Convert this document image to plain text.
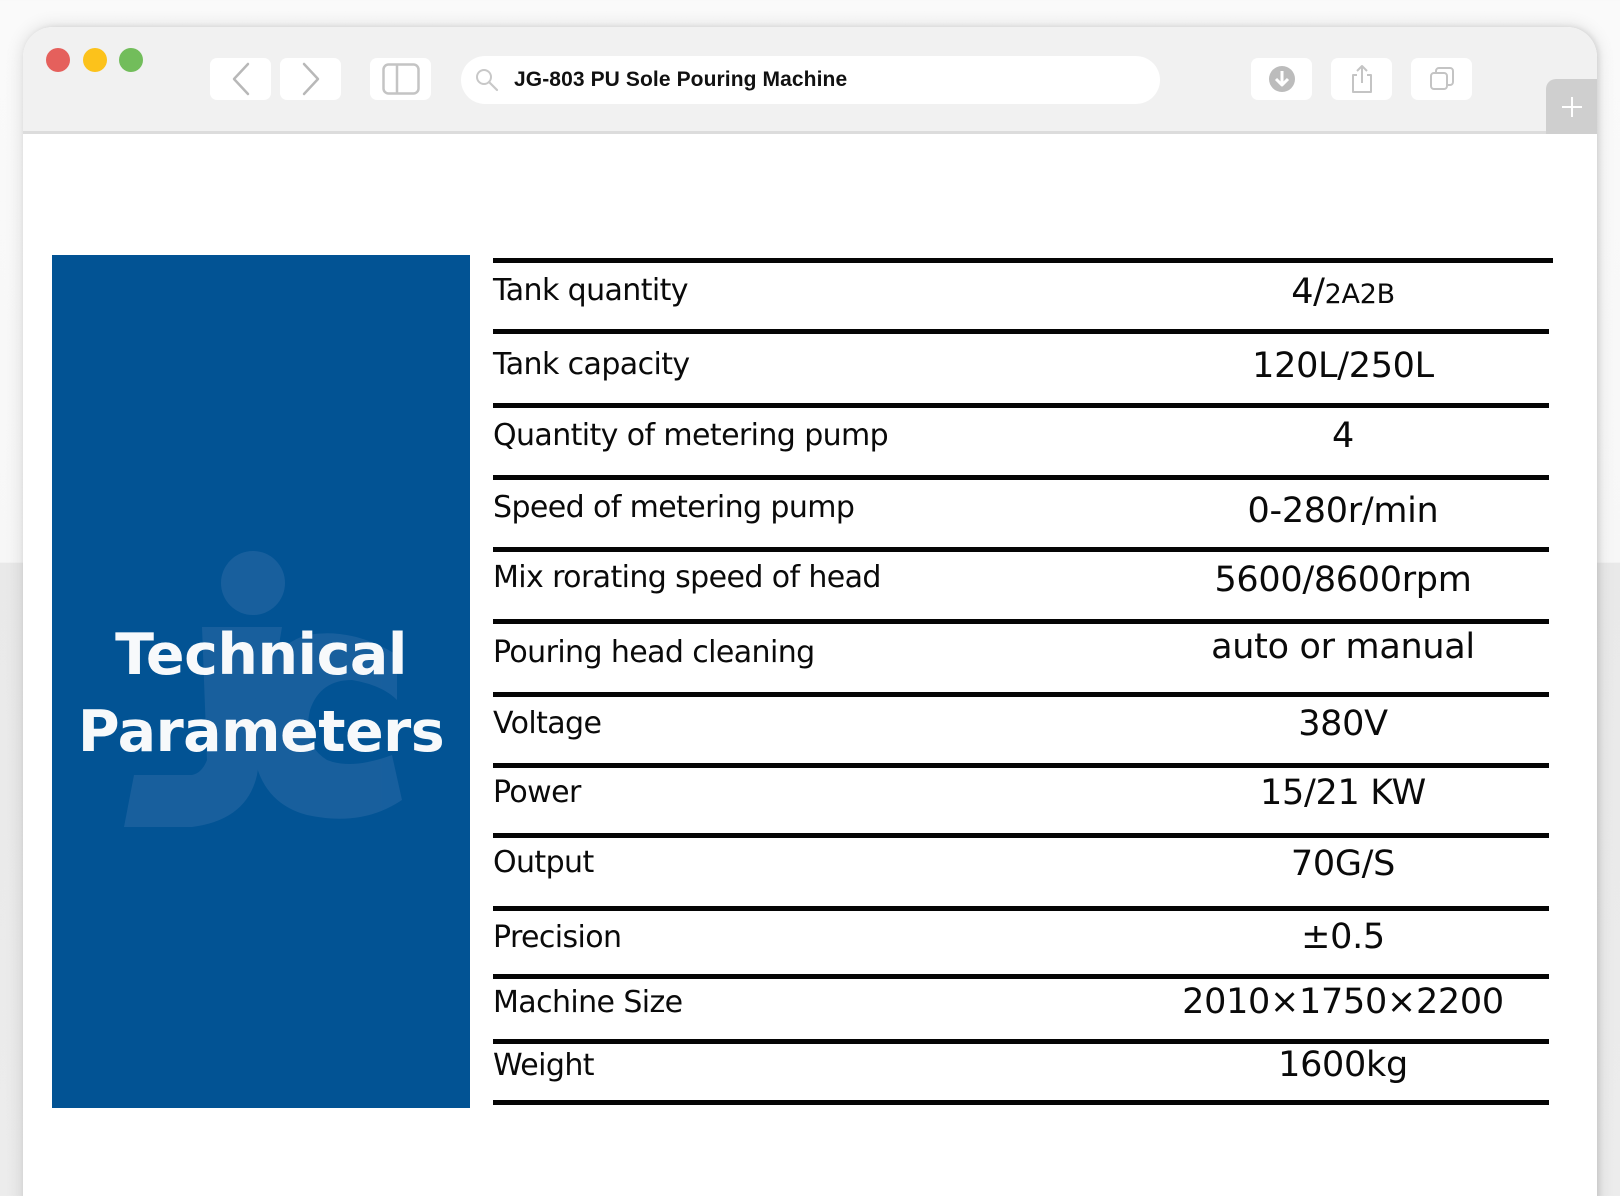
JG-803 PU Sole Pouring Machine
Technical
Parameters
Tank quantity	4/2A2B
Tank capacity	120L/250L
Quantity of metering pump	4
Speed of metering pump	0-280r/min
Mix rorating speed of head	5600/8600rpm
Pouring head cleaning	auto or manual
Voltage	380V
Power	15/21 KW
Output	70G/S
Precision	±0.5
Machine Size	2010×1750×2200
Weight	1600kg
